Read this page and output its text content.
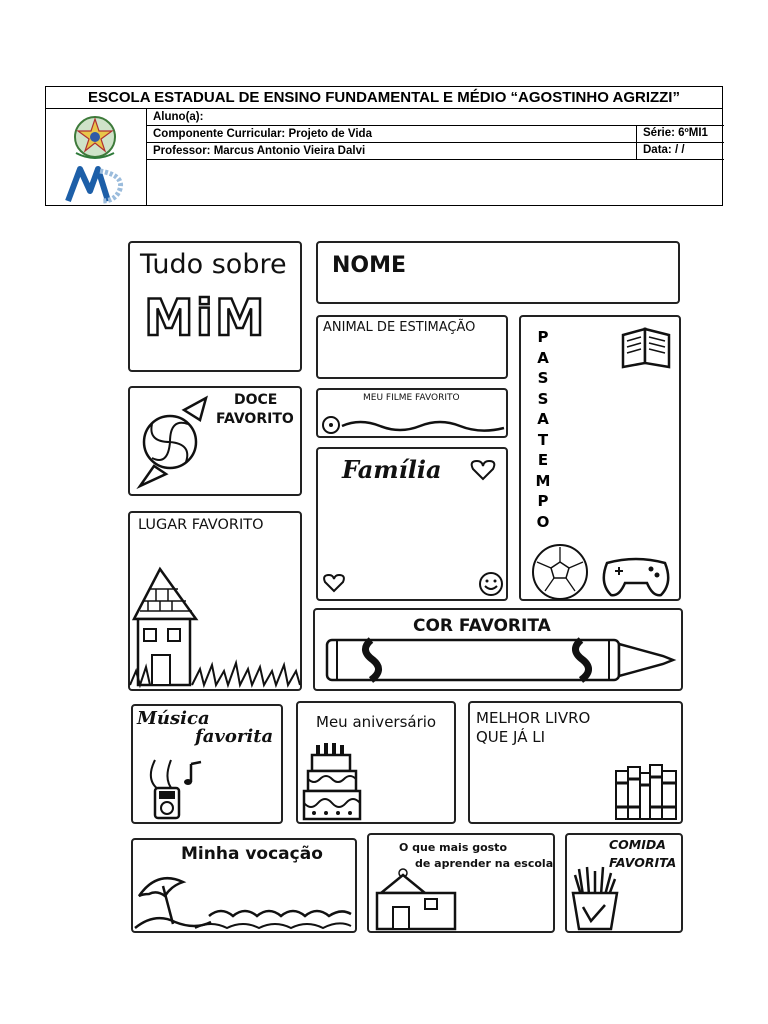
ESCOLA ESTADUAL DE ENSINO FUNDAMENTAL E MÉDIO “AGOSTINHO AGRIZZI”
Aluno(a):
Componente Curricular: Projeto de Vida	Série: 6ºMI1
Professor: Marcus Antonio Vieira Dalvi	Data: / /
Tudo sobre
MiM
NOME
ANIMAL DE ESTIMAÇÃO
P
A
S
S
A
T
E
M
P
O
DOCE
FAVORITO
MEU FILME FAVORITO
Família
LUGAR FAVORITO
COR FAVORITA
Música
favorita
Meu aniversário	MELHOR LIVRO
QUE JÁ LI
Minha vocação	O que mais gosto
de aprender na escola
COMIDA
FAVORITA
